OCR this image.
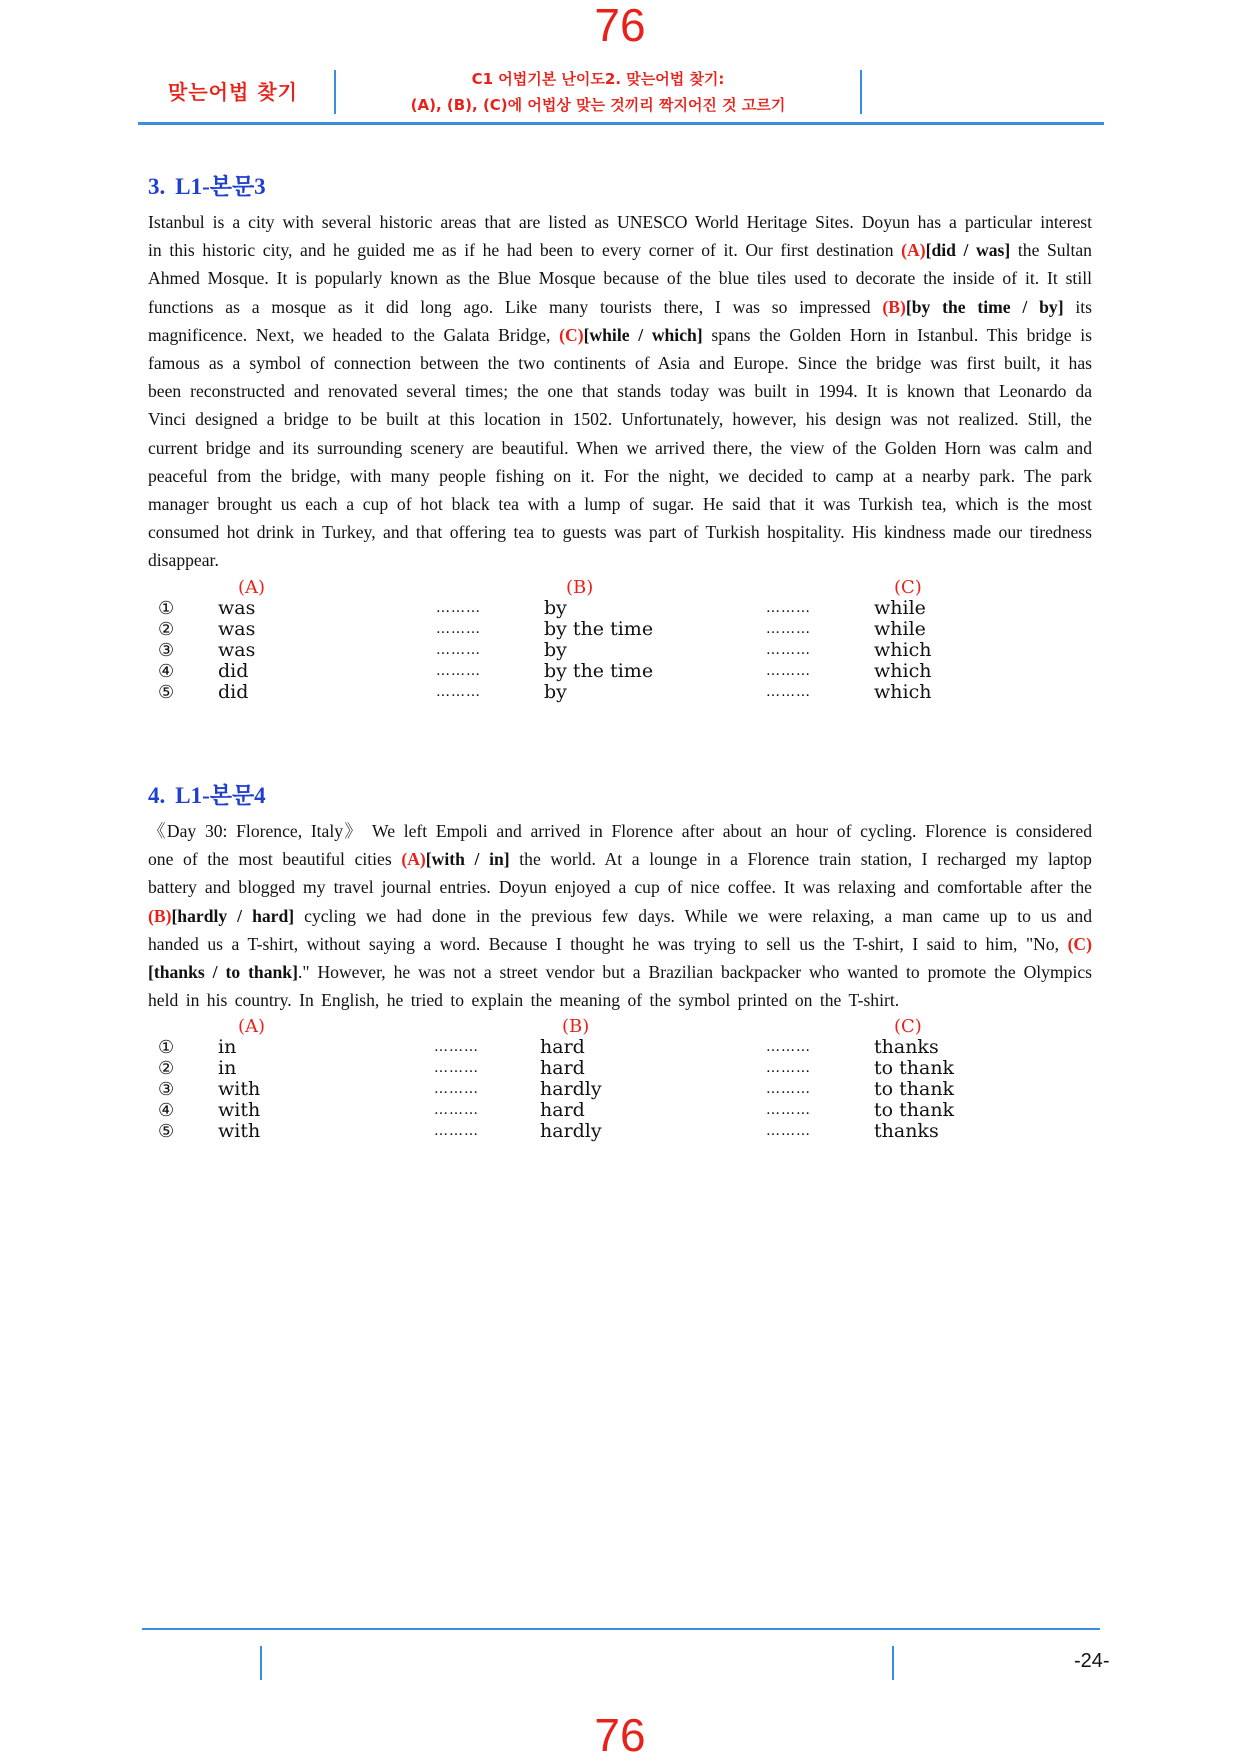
76
맞는어법 찾기
C1 어법기본 난이도2. 맞는어법 찾기:
(A), (B), (C)에 어법상 맞는 것끼리 짝지어진 것 고르기
3. L1-본문3

Istanbul is a city with several historic areas that are listed as UNESCO World Heritage Sites. Doyun has a particular interest in this historic city, and he guided me as if he had been to every corner of it. Our first destination (A)[did / was] the Sultan Ahmed Mosque. It is popularly known as the Blue Mosque because of the blue tiles used to decorate the inside of it. It still functions as a mosque as it did long ago. Like many tourists there, I was so impressed (B)[by the time / by] its magnificence. Next, we headed to the Galata Bridge, (C)[while / which] spans the Golden Horn in Istanbul. This bridge is famous as a symbol of connection between the two continents of Asia and Europe. Since the bridge was first built, it has been reconstructed and renovated several times; the one that stands today was built in 1994. It is known that Leonardo da Vinci designed a bridge to be built at this location in 1502. Unfortunately, however, his design was not realized. Still, the current bridge and its surrounding scenery are beautiful. When we arrived there, the view of the Golden Horn was calm and peaceful from the bridge, with many people fishing on it. For the night, we decided to camp at a nearby park. The park manager brought us each a cup of hot black tea with a lump of sugar. He said that it was Turkish tea, which is the most consumed hot drink in Turkey, and that offering tea to guests was part of Turkish hospitality. His kindness made our tiredness disappear.

(A)	(B)	(C)
① was	………	by	………	while
② was	………	by the time	………	while
③ was	………	by	………	which
④ did	………	by the time	………	which
⑤ did	………	by	………	which
4. L1-본문4

《Day 30: Florence, Italy》 We left Empoli and arrived in Florence after about an hour of cycling. Florence is considered one of the most beautiful cities (A)[with / in] the world. At a lounge in a Florence train station, I recharged my laptop battery and blogged my travel journal entries. Doyun enjoyed a cup of nice coffee. It was relaxing and comfortable after the (B)[hardly / hard] cycling we had done in the previous few days. While we were relaxing, a man came up to us and handed us a T-shirt, without saying a word. Because I thought he was trying to sell us the T-shirt, I said to him, "No, (C)[thanks / to thank]." However, he was not a street vendor but a Brazilian backpacker who wanted to promote the Olympics held in his country. In English, he tried to explain the meaning of the symbol printed on the T-shirt.

(A)	(B)	(C)
① in	………	hard	………	thanks
② in	………	hard	………	to thank
③ with	………	hardly	………	to thank
④ with	………	hard	………	to thank
⑤ with	………	hardly	………	thanks
-24-
76
